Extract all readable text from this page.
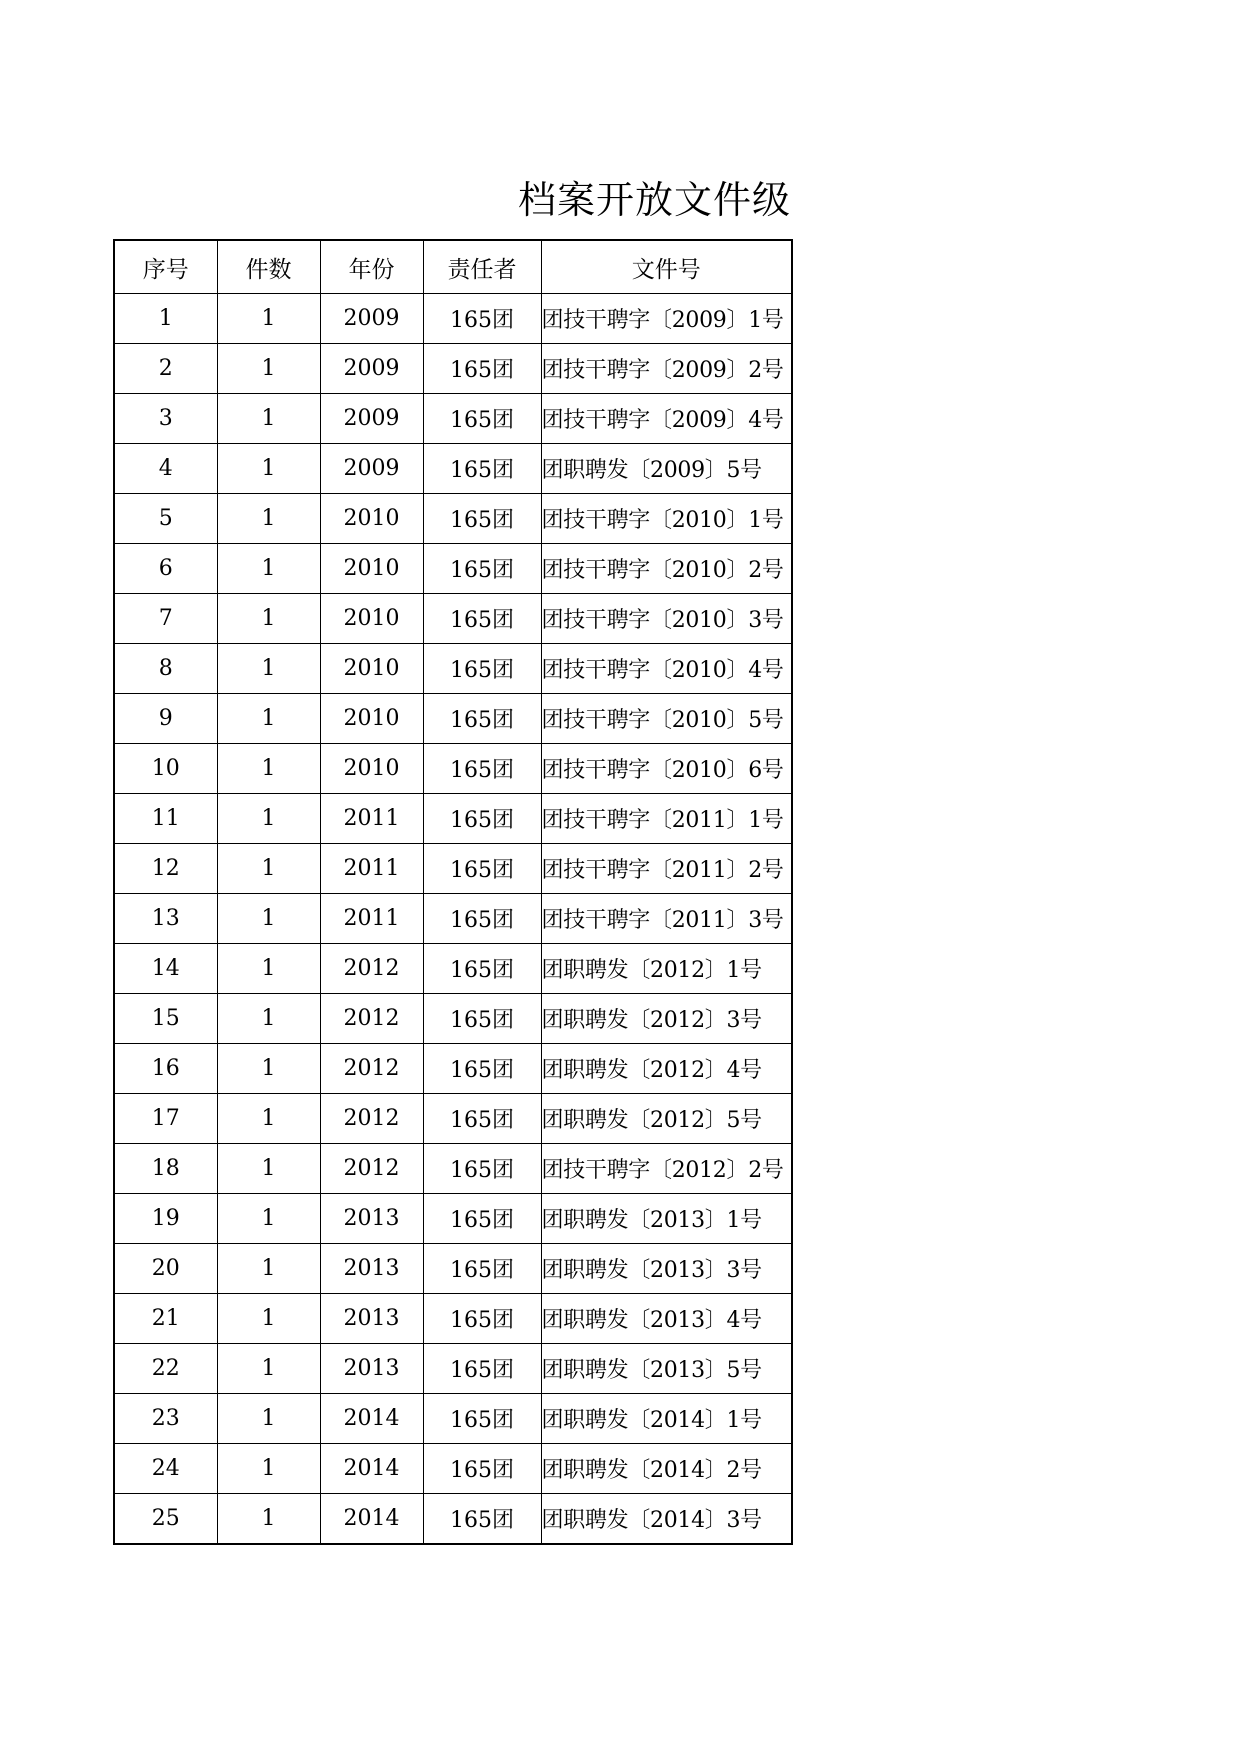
档案开放文件级
序号	件数	年份	责任者	文件号
1	1	2009	165团	团技干聘字〔2009〕1号
2	1	2009	165团	团技干聘字〔2009〕2号
3	1	2009	165团	团技干聘字〔2009〕4号
4	1	2009	165团	团职聘发〔2009〕5号
5	1	2010	165团	团技干聘字〔2010〕1号
6	1	2010	165团	团技干聘字〔2010〕2号
7	1	2010	165团	团技干聘字〔2010〕3号
8	1	2010	165团	团技干聘字〔2010〕4号
9	1	2010	165团	团技干聘字〔2010〕5号
10	1	2010	165团	团技干聘字〔2010〕6号
11	1	2011	165团	团技干聘字〔2011〕1号
12	1	2011	165团	团技干聘字〔2011〕2号
13	1	2011	165团	团技干聘字〔2011〕3号
14	1	2012	165团	团职聘发〔2012〕1号
15	1	2012	165团	团职聘发〔2012〕3号
16	1	2012	165团	团职聘发〔2012〕4号
17	1	2012	165团	团职聘发〔2012〕5号
18	1	2012	165团	团技干聘字〔2012〕2号
19	1	2013	165团	团职聘发〔2013〕1号
20	1	2013	165团	团职聘发〔2013〕3号
21	1	2013	165团	团职聘发〔2013〕4号
22	1	2013	165团	团职聘发〔2013〕5号
23	1	2014	165团	团职聘发〔2014〕1号
24	1	2014	165团	团职聘发〔2014〕2号
25	1	2014	165团	团职聘发〔2014〕3号
